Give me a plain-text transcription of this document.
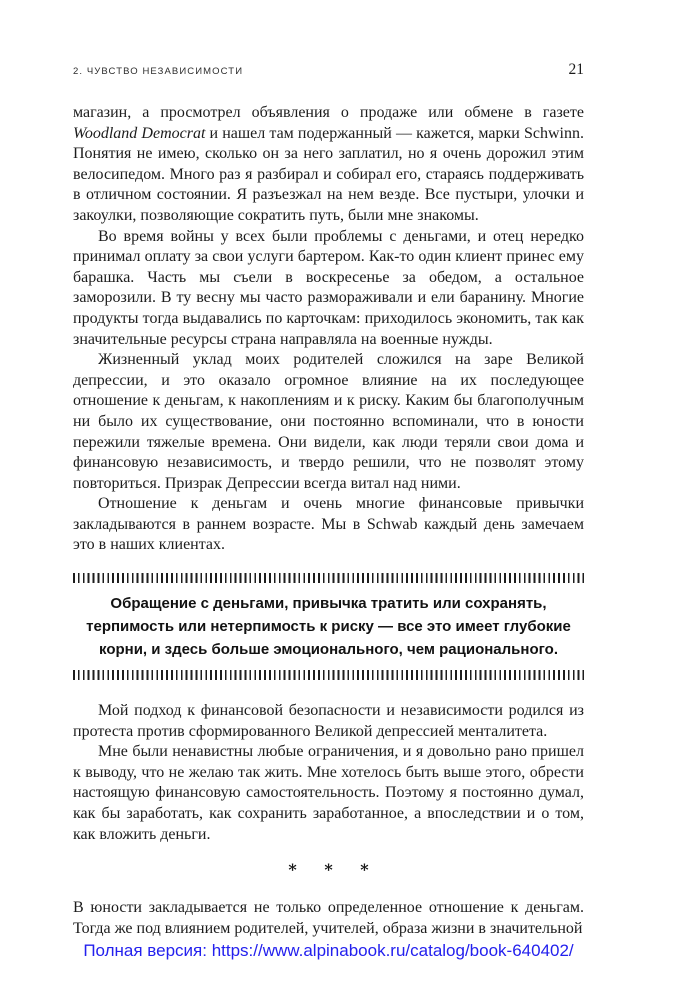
2. ЧУВСТВО НЕЗАВИСИМОСТИ	21

магазин, а просмотрел объявления о продаже или обмене в газете Woodland Democrat и нашел там подержанный — кажется, марки Schwinn. Понятия не имею, сколько он за него заплатил, но я очень дорожил этим велосипедом. Много раз я разбирал и собирал его, стараясь поддерживать в отличном состоянии. Я разъезжал на нем везде. Все пустыри, улочки и закоулки, позволяющие сократить путь, были мне знакомы.

Во время войны у всех были проблемы с деньгами, и отец нередко принимал оплату за свои услуги бартером. Как-то один клиент принес ему барашка. Часть мы съели в воскресенье за обедом, а остальное заморозили. В ту весну мы часто размораживали и ели баранину. Многие продукты тогда выдавались по карточкам: приходилось экономить, так как значительные ресурсы страна направляла на военные нужды.

Жизненный уклад моих родителей сложился на заре Великой депрессии, и это оказало огромное влияние на их последующее отношение к деньгам, к накоплениям и к риску. Каким бы благополучным ни было их существование, они постоянно вспоминали, что в юности пережили тяжелые времена. Они видели, как люди теряли свои дома и финансовую независимость, и твердо решили, что не позволят этому повториться. Призрак Депрессии всегда витал над ними.

Отношение к деньгам и очень многие финансовые привычки закладываются в раннем возрасте. Мы в Schwab каждый день замечаем это в наших клиентах.

Обращение с деньгами, привычка тратить или сохранять, терпимость или нетерпимость к риску — все это имеет глубокие корни, и здесь больше эмоционального, чем рационального.

Мой подход к финансовой безопасности и независимости родился из протеста против сформированного Великой депрессией менталитета.

Мне были ненавистны любые ограничения, и я довольно рано пришел к выводу, что не желаю так жить. Мне хотелось быть выше этого, обрести настоящую финансовую самостоятельность. Поэтому я постоянно думал, как бы заработать, как сохранить заработанное, а впоследствии и о том, как вложить деньги.

* * *

В юности закладывается не только определенное отношение к деньгам. Тогда же под влиянием родителей, учителей, образа жизни в значительной

Полная версия: https://www.alpinabook.ru/catalog/book-640402/
